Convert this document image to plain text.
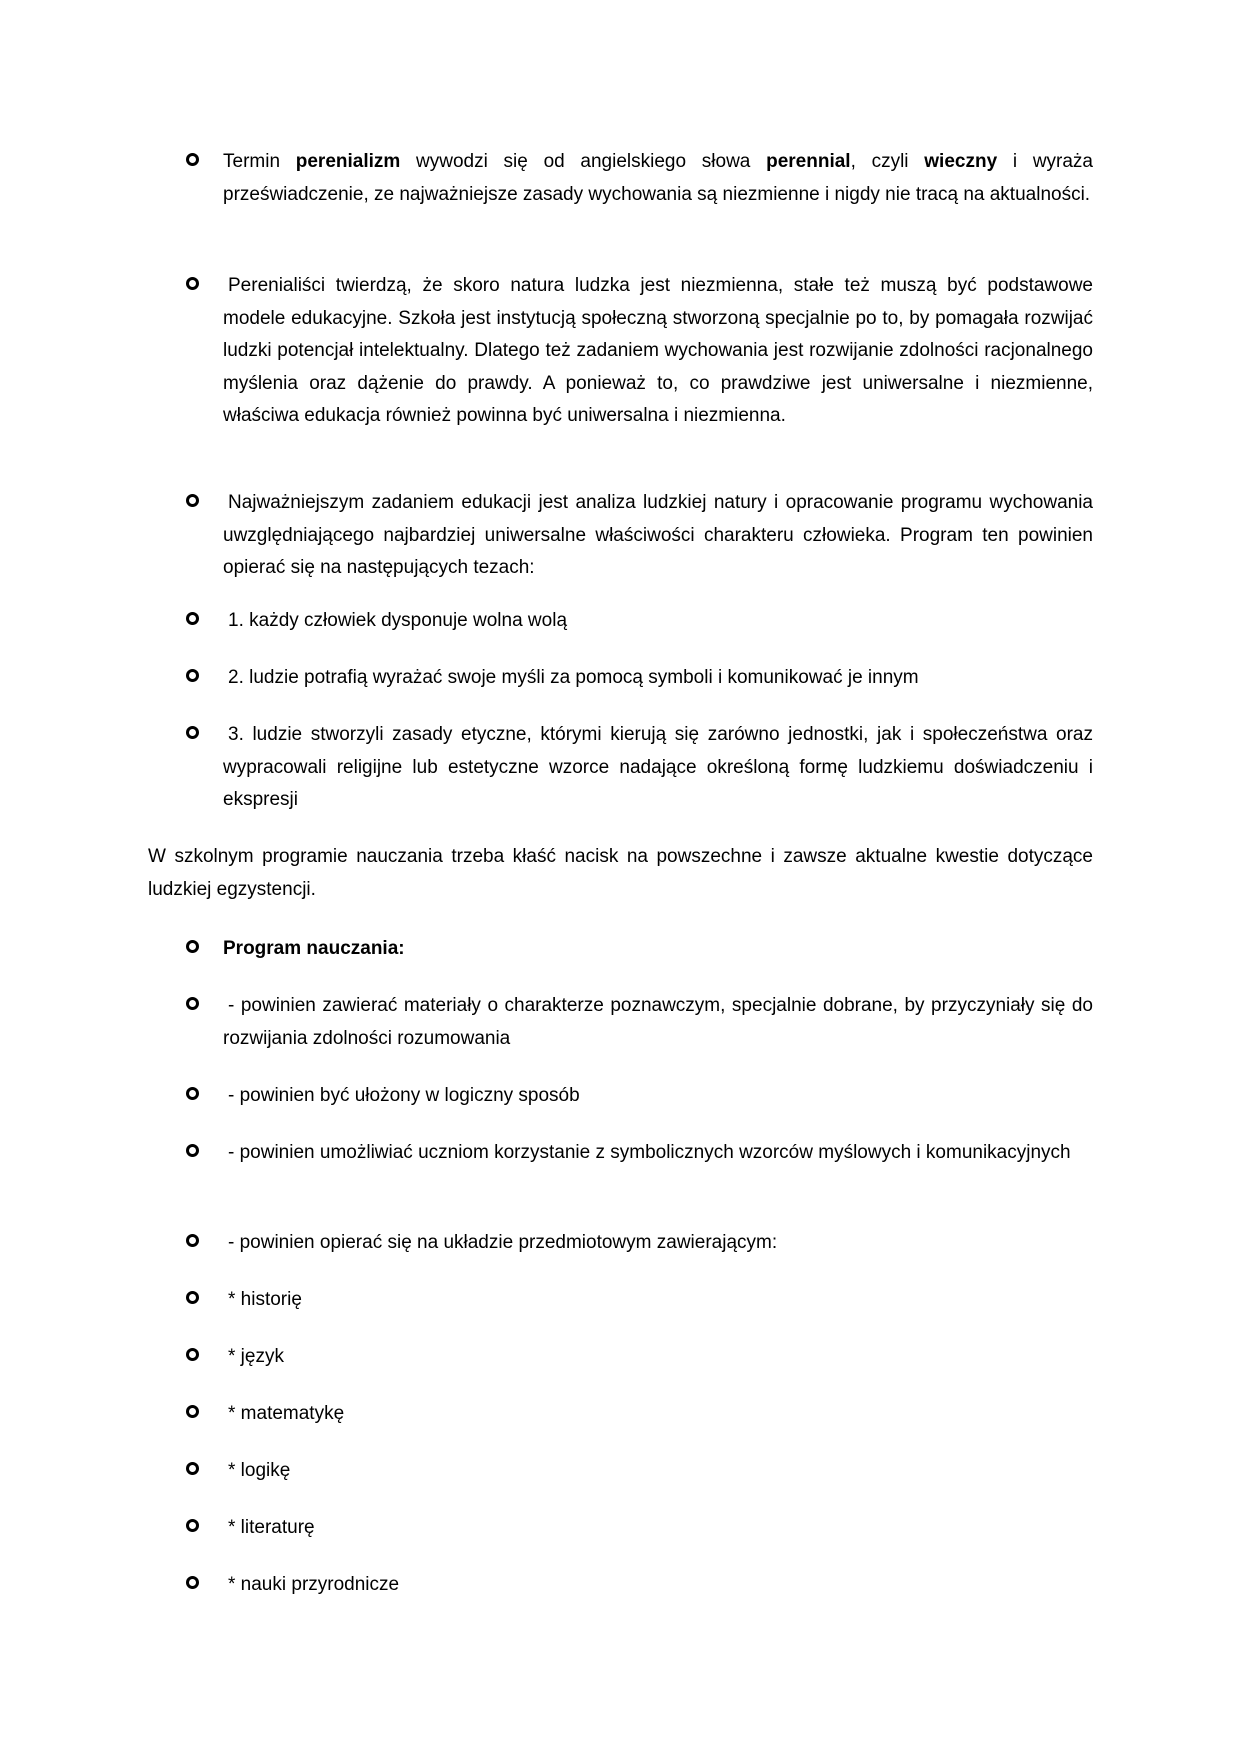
Termin perenializm wywodzi się od angielskiego słowa perennial, czyli wieczny i wyraża przeświadczenie, ze najważniejsze zasady wychowania są niezmienne i nigdy nie tracą na aktualności.

Perenialiści twierdzą, że skoro natura ludzka jest niezmienna, stałe też muszą być podstawowe modele edukacyjne. Szkoła jest instytucją społeczną stworzoną specjalnie po to, by pomagała rozwijać ludzki potencjał intelektualny. Dlatego też zadaniem wychowania jest rozwijanie zdolności racjonalnego myślenia oraz dążenie do prawdy. A ponieważ to, co prawdziwe jest uniwersalne i niezmienne, właściwa edukacja również powinna być uniwersalna i niezmienna.

Najważniejszym zadaniem edukacji jest analiza ludzkiej natury i opracowanie programu wychowania uwzględniającego najbardziej uniwersalne właściwości charakteru człowieka. Program ten powinien opierać się na następujących tezach:

1. każdy człowiek dysponuje wolna wolą

2. ludzie potrafią wyrażać swoje myśli za pomocą symboli i komunikować je innym

3. ludzie stworzyli zasady etyczne, którymi kierują się zarówno jednostki, jak i społeczeństwa oraz wypracowali religijne lub estetyczne wzorce nadające określoną formę ludzkiemu doświadczeniu i ekspresji

W szkolnym programie nauczania trzeba kłaść nacisk na powszechne i zawsze aktualne kwestie dotyczące ludzkiej egzystencji.

Program nauczania:

- powinien zawierać materiały o charakterze poznawczym, specjalnie dobrane, by przyczyniały się do rozwijania zdolności rozumowania

- powinien być ułożony w logiczny sposób

- powinien umożliwiać uczniom korzystanie z symbolicznych wzorców myślowych i komunikacyjnych

- powinien opierać się na układzie przedmiotowym zawierającym:

* historię

* język

* matematykę

* logikę

* literaturę

* nauki przyrodnicze
